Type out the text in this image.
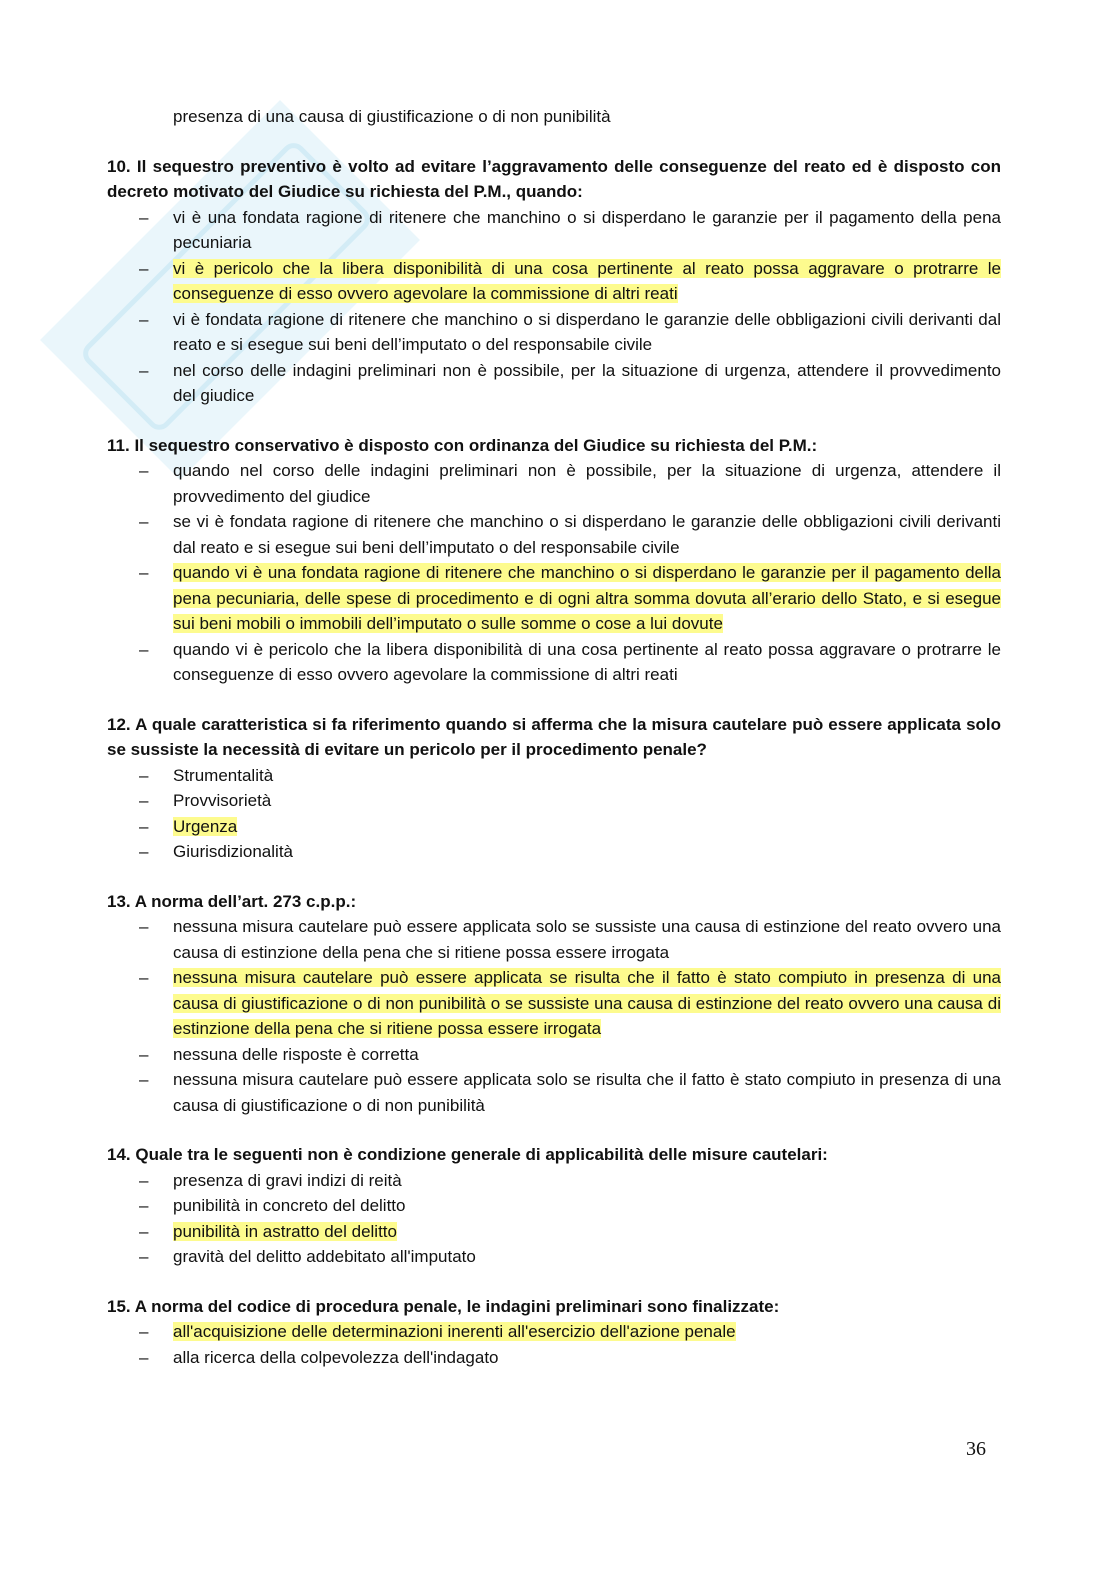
presenza di una causa di giustificazione o di non punibilità
10. Il sequestro preventivo è volto ad evitare l’aggravamento delle conseguenze del reato ed è disposto con decreto motivato del Giudice su richiesta del P.M., quando:
– vi è una fondata ragione di ritenere che manchino o si disperdano le garanzie per il pagamento della pena pecuniaria
– vi è pericolo che la libera disponibilità di una cosa pertinente al reato possa aggravare o protrarre le conseguenze di esso ovvero agevolare la commissione di altri reati
– vi è fondata ragione di ritenere che manchino o si disperdano le garanzie delle obbligazioni civili derivanti dal reato e si esegue sui beni dell’imputato o del responsabile civile
– nel corso delle indagini preliminari non è possibile, per la situazione di urgenza, attendere il provvedimento del giudice
11. Il sequestro conservativo è disposto con ordinanza del Giudice su richiesta del P.M.:
– quando nel corso delle indagini preliminari non è possibile, per la situazione di urgenza, attendere il provvedimento del giudice
– se vi è fondata ragione di ritenere che manchino o si disperdano le garanzie delle obbligazioni civili derivanti dal reato e si esegue sui beni dell’imputato o del responsabile civile
– quando vi è una fondata ragione di ritenere che manchino o si disperdano le garanzie per il pagamento della pena pecuniaria, delle spese di procedimento e di ogni altra somma dovuta all’erario dello Stato, e si esegue sui beni mobili o immobili dell’imputato o sulle somme o cose a lui dovute
– quando vi è pericolo che la libera disponibilità di una cosa pertinente al reato possa aggravare o protrarre le conseguenze di esso ovvero agevolare la commissione di altri reati
12. A quale caratteristica si fa riferimento quando si afferma che la misura cautelare può essere applicata solo se sussiste la necessità di evitare un pericolo per il procedimento penale?
– Strumentalità
– Provvisorietà
– Urgenza
– Giurisdizionalità
13. A norma dell’art. 273 c.p.p.:
– nessuna misura cautelare può essere applicata solo se sussiste una causa di estinzione del reato ovvero una causa di estinzione della pena che si ritiene possa essere irrogata
– nessuna misura cautelare può essere applicata se risulta che il fatto è stato compiuto in presenza di una causa di giustificazione o di non punibilità o se sussiste una causa di estinzione del reato ovvero una causa di estinzione della pena che si ritiene possa essere irrogata
– nessuna delle risposte è corretta
– nessuna misura cautelare può essere applicata solo se risulta che il fatto è stato compiuto in presenza di una causa di giustificazione o di non punibilità
14. Quale tra le seguenti non è condizione generale di applicabilità delle misure cautelari:
– presenza di gravi indizi di reità
– punibilità in concreto del delitto
– punibilità in astratto del delitto
– gravità del delitto addebitato all'imputato
15. A norma del codice di procedura penale, le indagini preliminari sono finalizzate:
– all'acquisizione delle determinazioni inerenti all'esercizio dell'azione penale
– alla ricerca della colpevolezza dell'indagato
36
